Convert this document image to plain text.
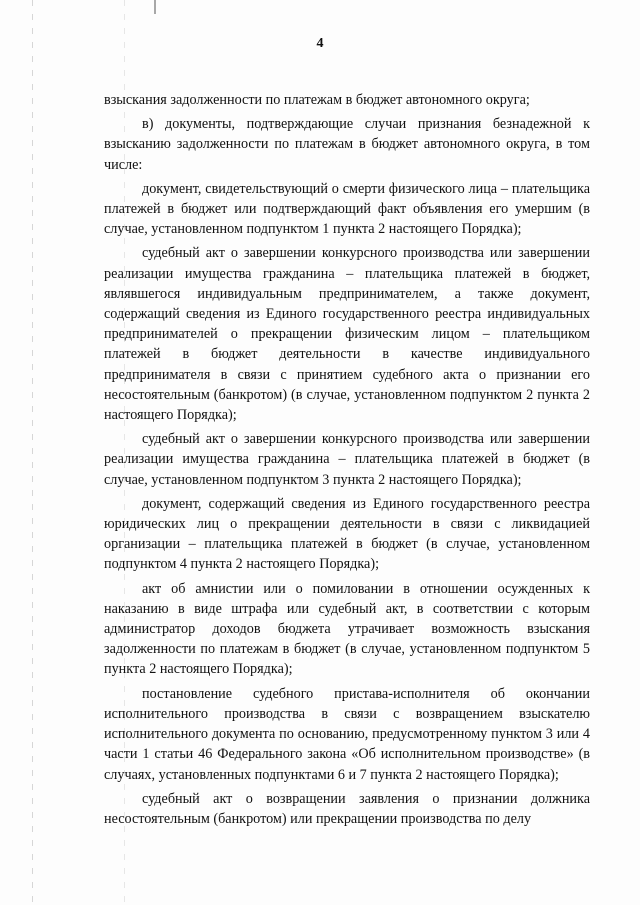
4

взыскания задолженности по платежам в бюджет автономного округа;

в) документы, подтверждающие случаи признания безнадежной к взысканию задолженности по платежам в бюджет автономного округа, в том числе:

документ, свидетельствующий о смерти физического лица – плательщика платежей в бюджет или подтверждающий факт объявления его умершим (в случае, установленном подпунктом 1 пункта 2 настоящего Порядка);

судебный акт о завершении конкурсного производства или завершении реализации имущества гражданина – плательщика платежей в бюджет, являвшегося индивидуальным предпринимателем, а также документ, содержащий сведения из Единого государственного реестра индивидуальных предпринимателей о прекращении физическим лицом – плательщиком платежей в бюджет деятельности в качестве индивидуального предпринимателя в связи с принятием судебного акта о признании его несостоятельным (банкротом) (в случае, установленном подпунктом 2 пункта 2 настоящего Порядка);

судебный акт о завершении конкурсного производства или завершении реализации имущества гражданина – плательщика платежей в бюджет (в случае, установленном подпунктом 3 пункта 2 настоящего Порядка);

документ, содержащий сведения из Единого государственного реестра юридических лиц о прекращении деятельности в связи с ликвидацией организации – плательщика платежей в бюджет (в случае, установленном подпунктом 4 пункта 2 настоящего Порядка);

акт об амнистии или о помиловании в отношении осужденных к наказанию в виде штрафа или судебный акт, в соответствии с которым администратор доходов бюджета утрачивает возможность взыскания задолженности по платежам в бюджет (в случае, установленном подпунктом 5 пункта 2 настоящего Порядка);

постановление судебного пристава-исполнителя об окончании исполнительного производства в связи с возвращением взыскателю исполнительного документа по основанию, предусмотренному пунктом 3 или 4 части 1 статьи 46 Федерального закона «Об исполнительном производстве» (в случаях, установленных подпунктами 6 и 7 пункта 2 настоящего Порядка);

судебный акт о возвращении заявления о признании должника несостоятельным (банкротом) или прекращении производства по делу
